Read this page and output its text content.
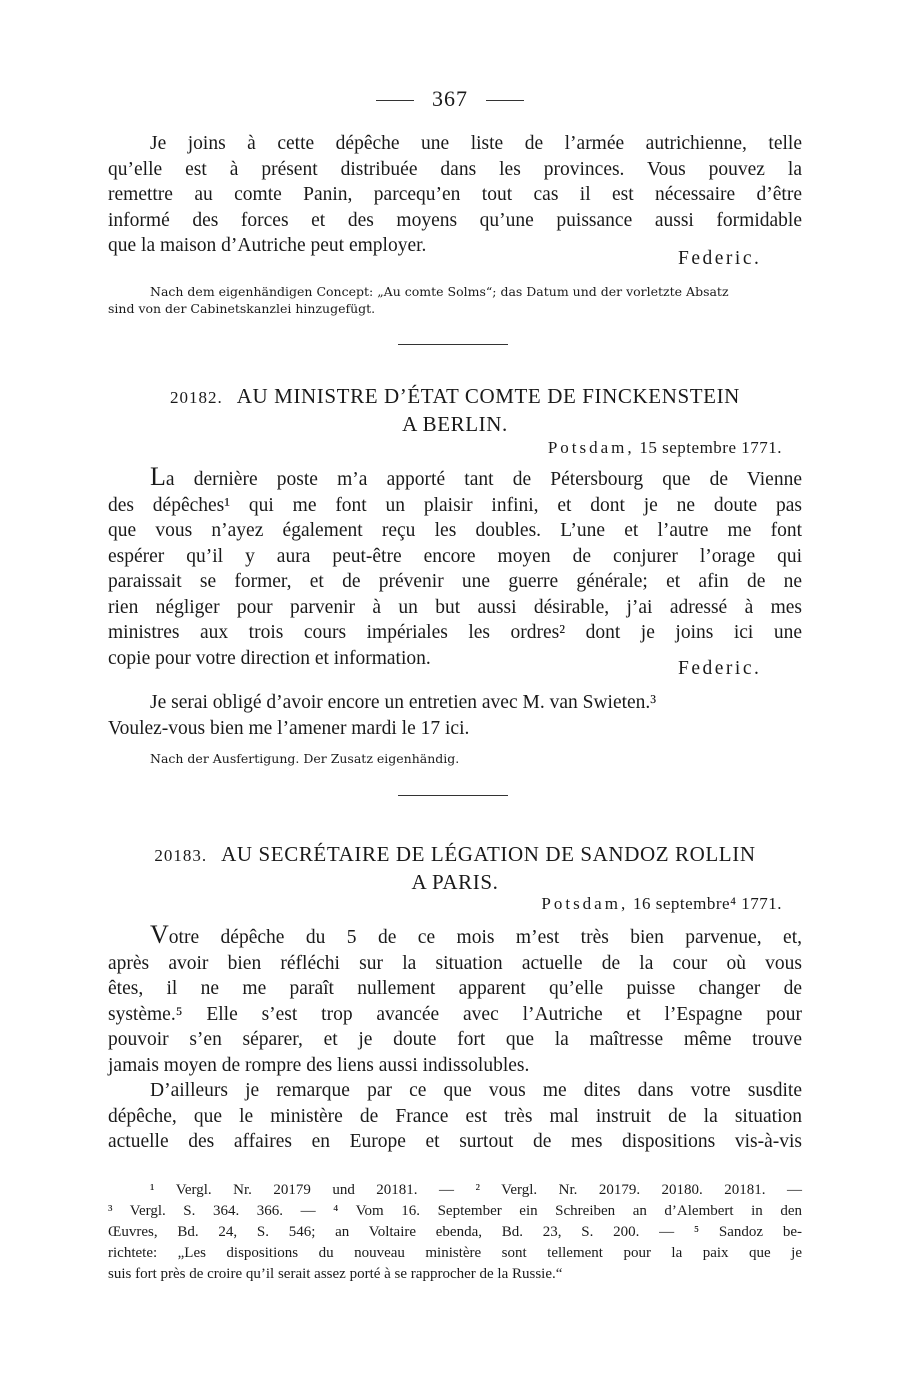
367
Je joins à cette dépêche une liste de l’armée autrichienne, telle
qu’elle est à présent distribuée dans les provinces. Vous pouvez la
remettre au comte Panin, parcequ’en tout cas il est nécessaire d’être
informé des forces et des moyens qu’une puissance aussi formidable
que la maison d’Autriche peut employer.
Federic.
Nach dem eigenhändigen Concept: „Au comte Solms“; das Datum und der vorletzte Absatz
sind von der Cabinetskanzlei hinzugefügt.
20182. AU MINISTRE D’ÉTAT COMTE DE FINCKENSTEIN
A BERLIN.
Potsdam, 15 septembre 1771.
La dernière poste m’a apporté tant de Pétersbourg que de Vienne
des dépêches¹ qui me font un plaisir infini, et dont je ne doute pas
que vous n’ayez également reçu les doubles. L’une et l’autre me font
espérer qu’il y aura peut-être encore moyen de conjurer l’orage qui
paraissait se former, et de prévenir une guerre générale; et afin de ne
rien négliger pour parvenir à un but aussi désirable, j’ai adressé à mes
ministres aux trois cours impériales les ordres² dont je joins ici une
copie pour votre direction et information.	Federic.
Je serai obligé d’avoir encore un entretien avec M. van Swieten.³
Voulez-vous bien me l’amener mardi le 17 ici.
Nach der Ausfertigung. Der Zusatz eigenhändig.
20183. AU SECRÉTAIRE DE LÉGATION DE SANDOZ ROLLIN
A PARIS.
Potsdam, 16 septembre⁴ 1771.
Votre dépêche du 5 de ce mois m’est très bien parvenue, et,
après avoir bien réfléchi sur la situation actuelle de la cour où vous
êtes, il ne me paraît nullement apparent qu’elle puisse changer de
système.⁵ Elle s’est trop avancée avec l’Autriche et l’Espagne pour
pouvoir s’en séparer, et je doute fort que la maîtresse même trouve
jamais moyen de rompre des liens aussi indissolubles.
D’ailleurs je remarque par ce que vous me dites dans votre susdite
dépêche, que le ministère de France est très mal instruit de la situation
actuelle des affaires en Europe et surtout de mes dispositions vis-à-vis
¹ Vergl. Nr. 20179 und 20181. — ² Vergl. Nr. 20179. 20180. 20181. —
³ Vergl. S. 364. 366. — ⁴ Vom 16. September ein Schreiben an d’Alembert in den
Œuvres, Bd. 24, S. 546; an Voltaire ebenda, Bd. 23, S. 200. — ⁵ Sandoz be-
richtete: „Les dispositions du nouveau ministère sont tellement pour la paix que je
suis fort près de croire qu’il serait assez porté à se rapprocher de la Russie.“
